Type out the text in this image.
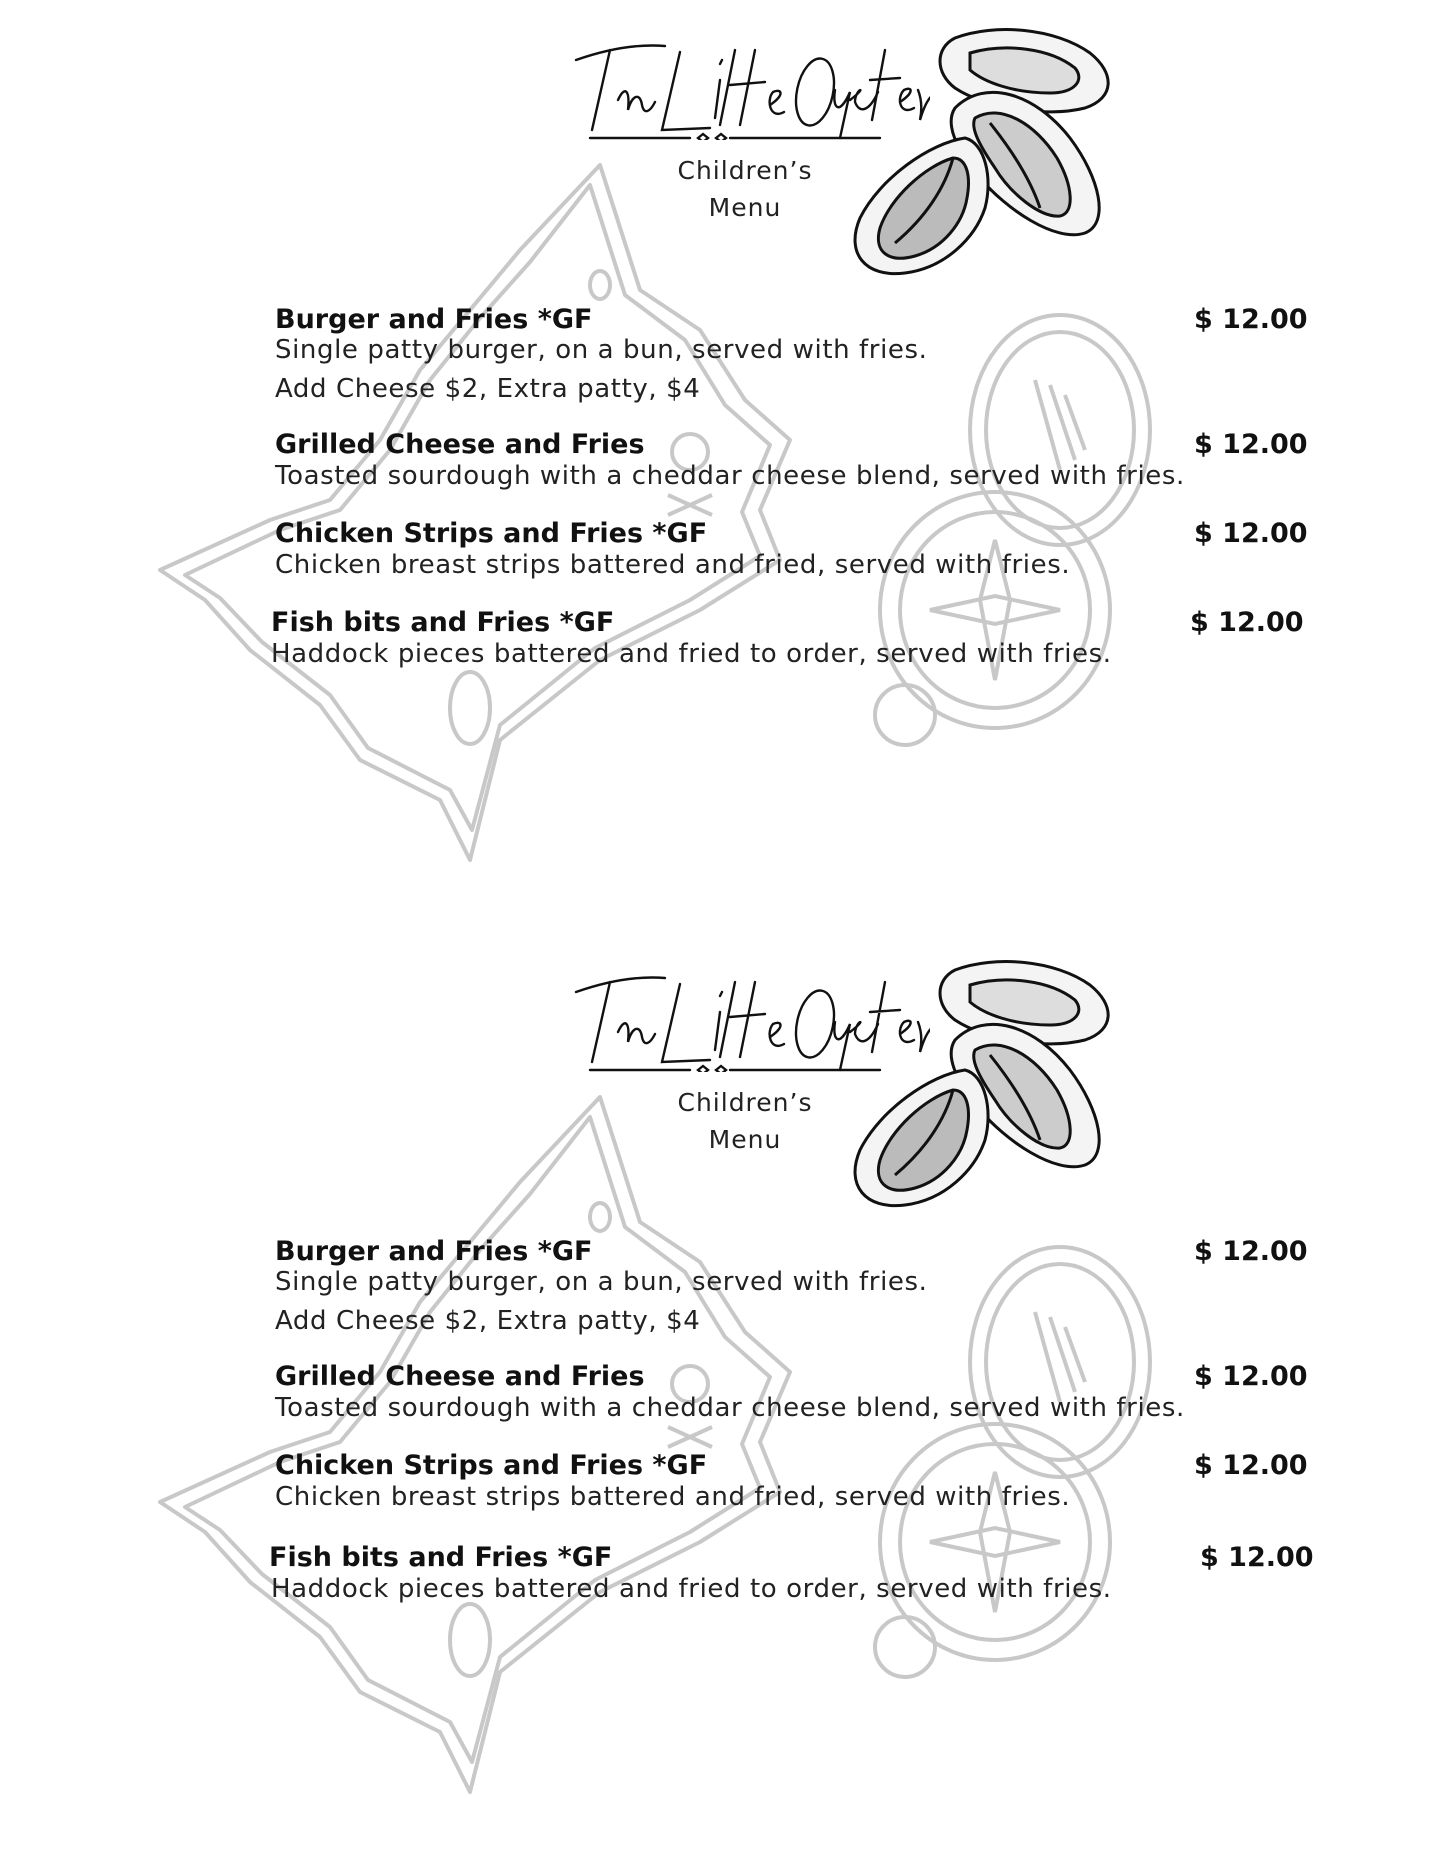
Children’s
Menu
Burger and Fries *GF	$ 12.00
Single patty burger, on a bun, served with fries.
Add Cheese $2, Extra patty, $4
Grilled Cheese and Fries	$ 12.00
Toasted sourdough with a cheddar cheese blend, served with fries.
Chicken Strips and Fries *GF	$ 12.00
Chicken breast strips battered and fried, served with fries.
Fish bits and Fries *GF	$ 12.00
Haddock pieces battered and fried to order, served with fries.
Children’s
Menu
Burger and Fries *GF	$ 12.00
Single patty burger, on a bun, served with fries.
Add Cheese $2, Extra patty, $4
Grilled Cheese and Fries	$ 12.00
Toasted sourdough with a cheddar cheese blend, served with fries.
Chicken Strips and Fries *GF	$ 12.00
Chicken breast strips battered and fried, served with fries.
Fish bits and Fries *GF	$ 12.00
Haddock pieces battered and fried to order, served with fries.
